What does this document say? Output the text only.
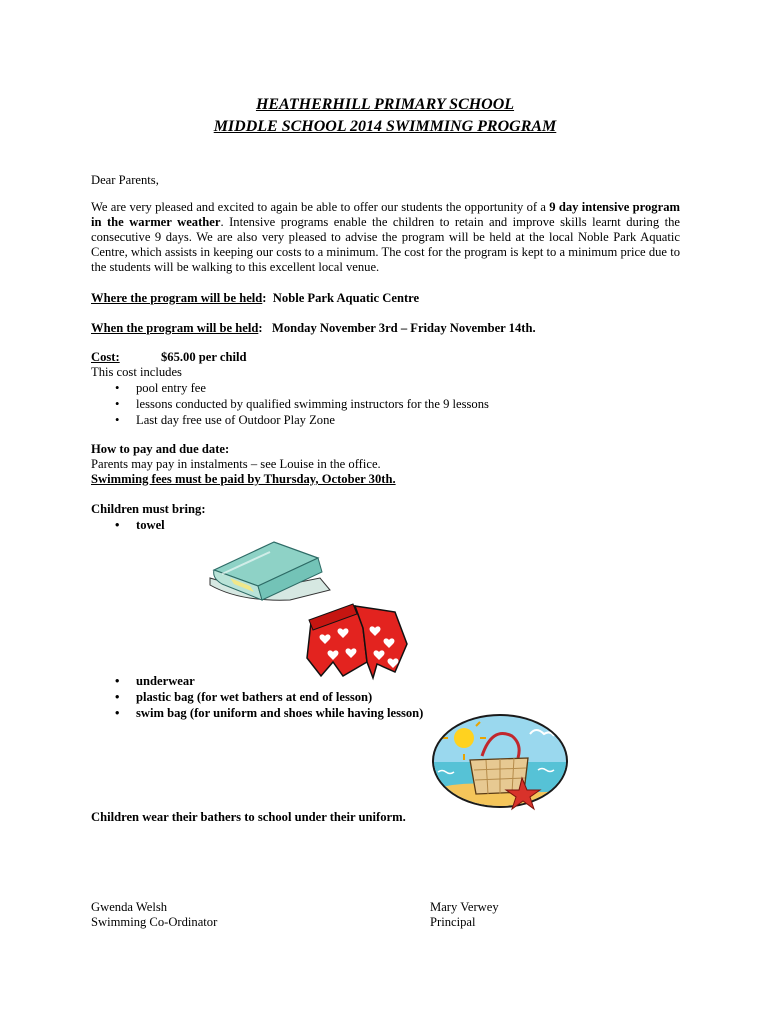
HEATHERHILL PRIMARY SCHOOL
MIDDLE SCHOOL 2014 SWIMMING PROGRAM
Dear Parents,
We are very pleased and excited to again be able to offer our students the opportunity of a 9 day intensive program in the warmer weather. Intensive programs enable the children to retain and improve skills learnt during the consecutive 9 days. We are also very pleased to advise the program will be held at the local Noble Park Aquatic Centre, which assists in keeping our costs to a minimum. The cost for the program is kept to a minimum price due to the students will be walking to this excellent local venue.
Where the program will be held:  Noble Park Aquatic Centre
When the program will be held:   Monday November 3rd – Friday November 14th.
Cost:	$65.00 per child
This cost includes
• pool entry fee
• lessons conducted by qualified swimming instructors for the 9 lessons
• Last day free use of Outdoor Play Zone
How to pay and due date:
Parents may pay in instalments – see Louise in the office.
Swimming fees must be paid by Thursday, October 30th.
Children must bring:
• towel
• underwear
• plastic bag (for wet bathers at end of lesson)
• swim bag (for uniform and shoes while having lesson)
Children wear their bathers to school under their uniform.
Gwenda Welsh
Swimming Co-Ordinator
Mary Verwey
Principal
